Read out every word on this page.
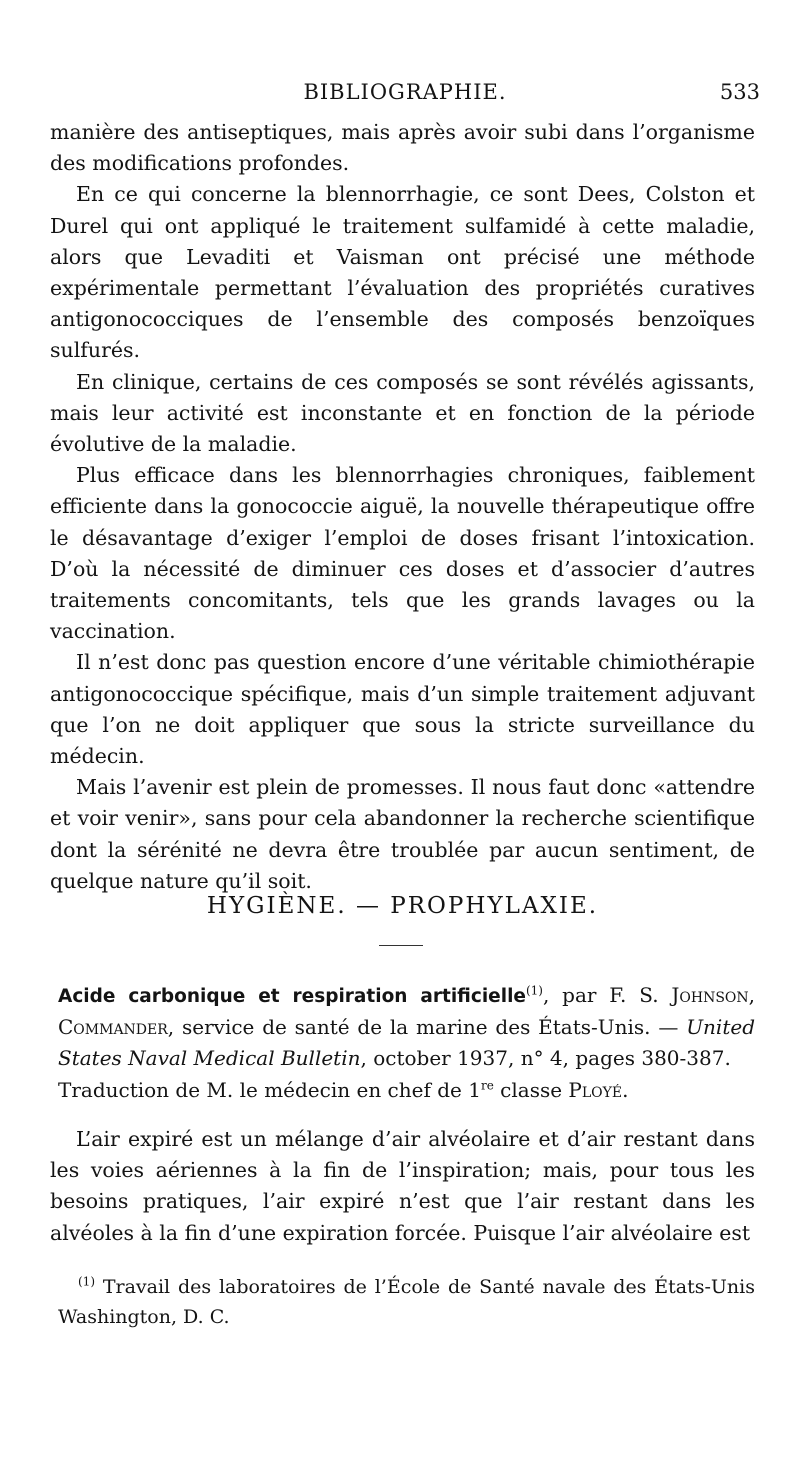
BIBLIOGRAPHIE.	533

manière des antiseptiques, mais après avoir subi dans l’organisme des modifications profondes.

En ce qui concerne la blennorrhagie, ce sont Dees, Colston et Durel qui ont appliqué le traitement sulfamidé à cette maladie, alors que Levaditi et Vaisman ont précisé une méthode expérimentale permettant l’évaluation des propriétés curatives antigonococciques de l’ensemble des composés benzoïques sulfurés.

En clinique, certains de ces composés se sont révélés agissants, mais leur activité est inconstante et en fonction de la période évolutive de la maladie.

Plus efficace dans les blennorrhagies chroniques, faiblement efficiente dans la gonococcie aiguë, la nouvelle thérapeutique offre le désavantage d’exiger l’emploi de doses frisant l’intoxication. D’où la nécessité de diminuer ces doses et d’associer d’autres traitements concomitants, tels que les grands lavages ou la vaccination.

Il n’est donc pas question encore d’une véritable chimiothérapie antigonococcique spécifique, mais d’un simple traitement adjuvant que l’on ne doit appliquer que sous la stricte surveillance du médecin.

Mais l’avenir est plein de promesses. Il nous faut donc «attendre et voir venir», sans pour cela abandonner la recherche scientifique dont la sérénité ne devra être troublée par aucun sentiment, de quelque nature qu’il soit.

HYGIÈNE. — PROPHYLAXIE.
Acide carbonique et respiration artificielle$^{(1)}$, par F. S. Johnson, Commander, service de santé de la marine des États-Unis. — United States Naval Medical Bulletin, october 1937, n° 4, pages 380-387.
Traduction de M. le médecin en chef de 1re classe Ployé.

L’air expiré est un mélange d’air alvéolaire et d’air restant dans les voies aériennes à la fin de l’inspiration; mais, pour tous les besoins pratiques, l’air expiré n’est que l’air restant dans les alvéoles à la fin d’une expiration forcée. Puisque l’air alvéolaire est

$^{(1)}$ Travail des laboratoires de l’École de Santé navale des États-Unis Washington, D. C.
